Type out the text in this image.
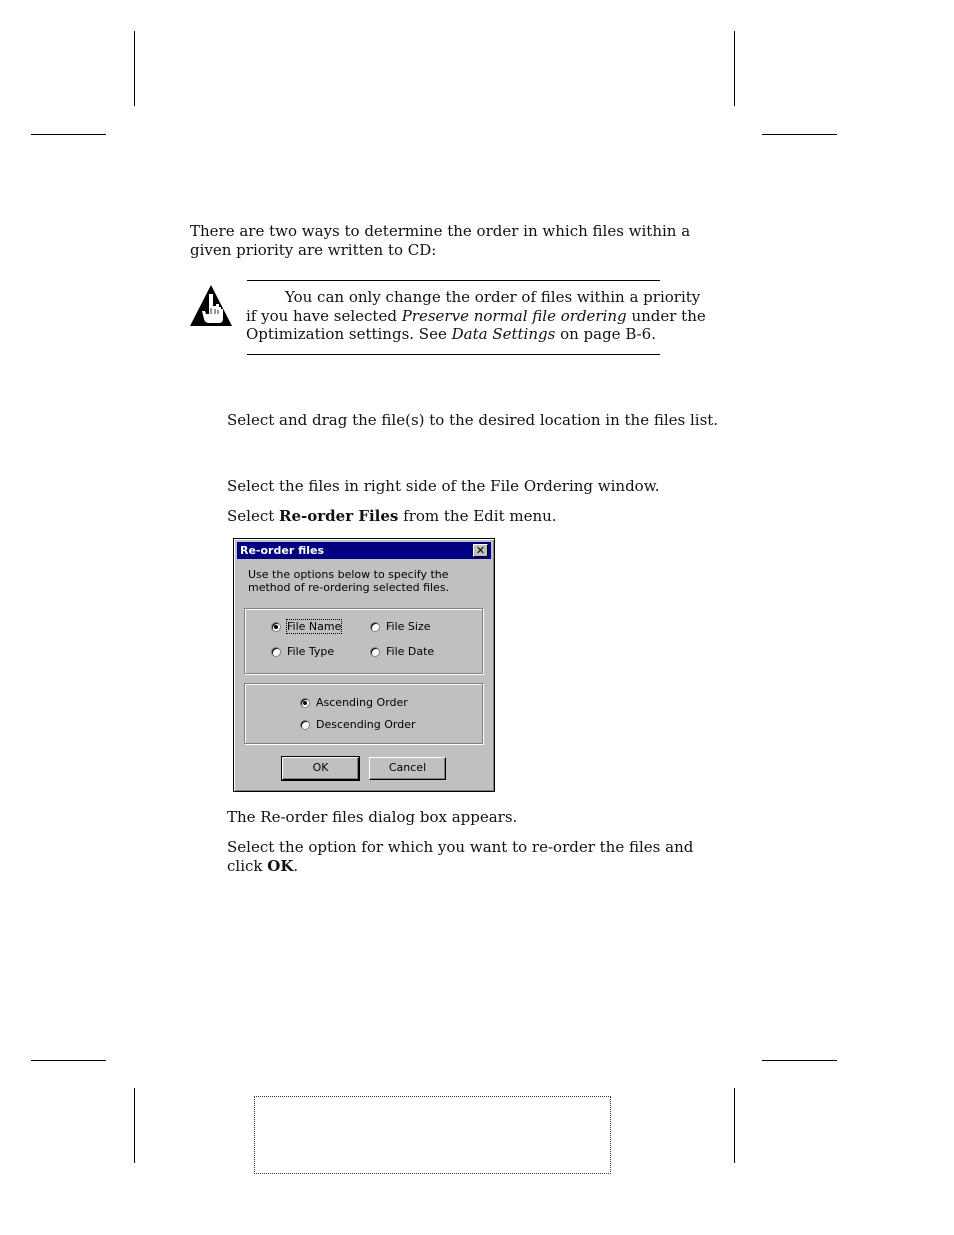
There are two ways to determine the order in which files within a
given priority are written to CD:
You can only change the order of files within a priority
if you have selected Preserve normal file ordering under the
Optimization settings. See Data Settings on page B-6.
Select and drag the file(s) to the desired location in the files list.
Select the files in right side of the File Ordering window.
Select Re-order Files from the Edit menu.
Re-order files	✕
Use the options below to specify the method of re-ordering selected files.
File Name	File Size
File Type	File Date
Ascending Order
Descending Order
OK	Cancel
The Re-order files dialog box appears.
Select the option for which you want to re-order the files and
click OK.
